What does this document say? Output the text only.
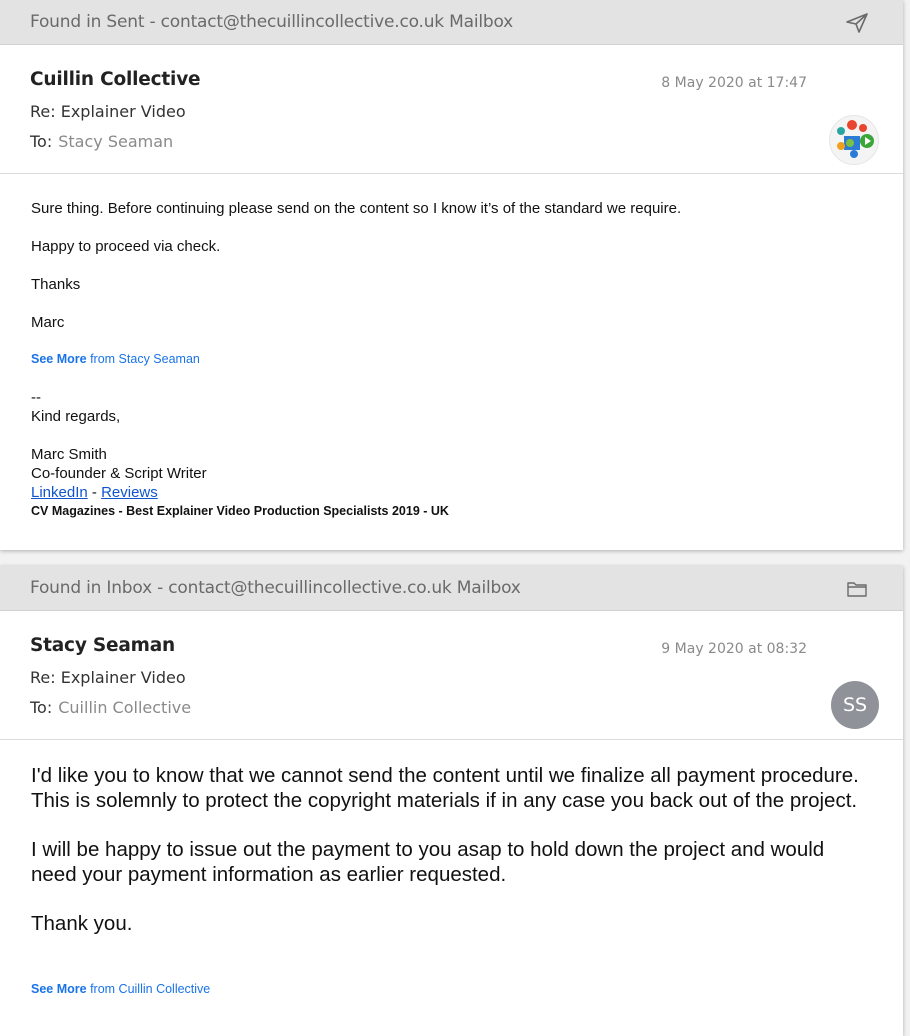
Found in Sent - contact@thecuillincollective.co.uk Mailbox
Cuillin Collective	8 May 2020 at 17:47
Re: Explainer Video
To: Stacy Seaman

Sure thing. Before continuing please send on the content so I know it’s of the standard we require.

Happy to proceed via check.

Thanks

Marc

See More from Stacy Seaman
--
Kind regards,
Marc Smith
Co-founder & Script Writer
LinkedIn - Reviews
CV Magazines - Best Explainer Video Production Specialists 2019 - UK
Found in Inbox - contact@thecuillincollective.co.uk Mailbox
Stacy Seaman	9 May 2020 at 08:32
Re: Explainer Video
To: Cuillin Collective	SS

I'd like you to know that we cannot send the content until we finalize all payment procedure. This is solemnly to protect the copyright materials if in any case you back out of the project.

I will be happy to issue out the payment to you asap to hold down the project and would need your payment information as earlier requested.

Thank you.

See More from Cuillin Collective
